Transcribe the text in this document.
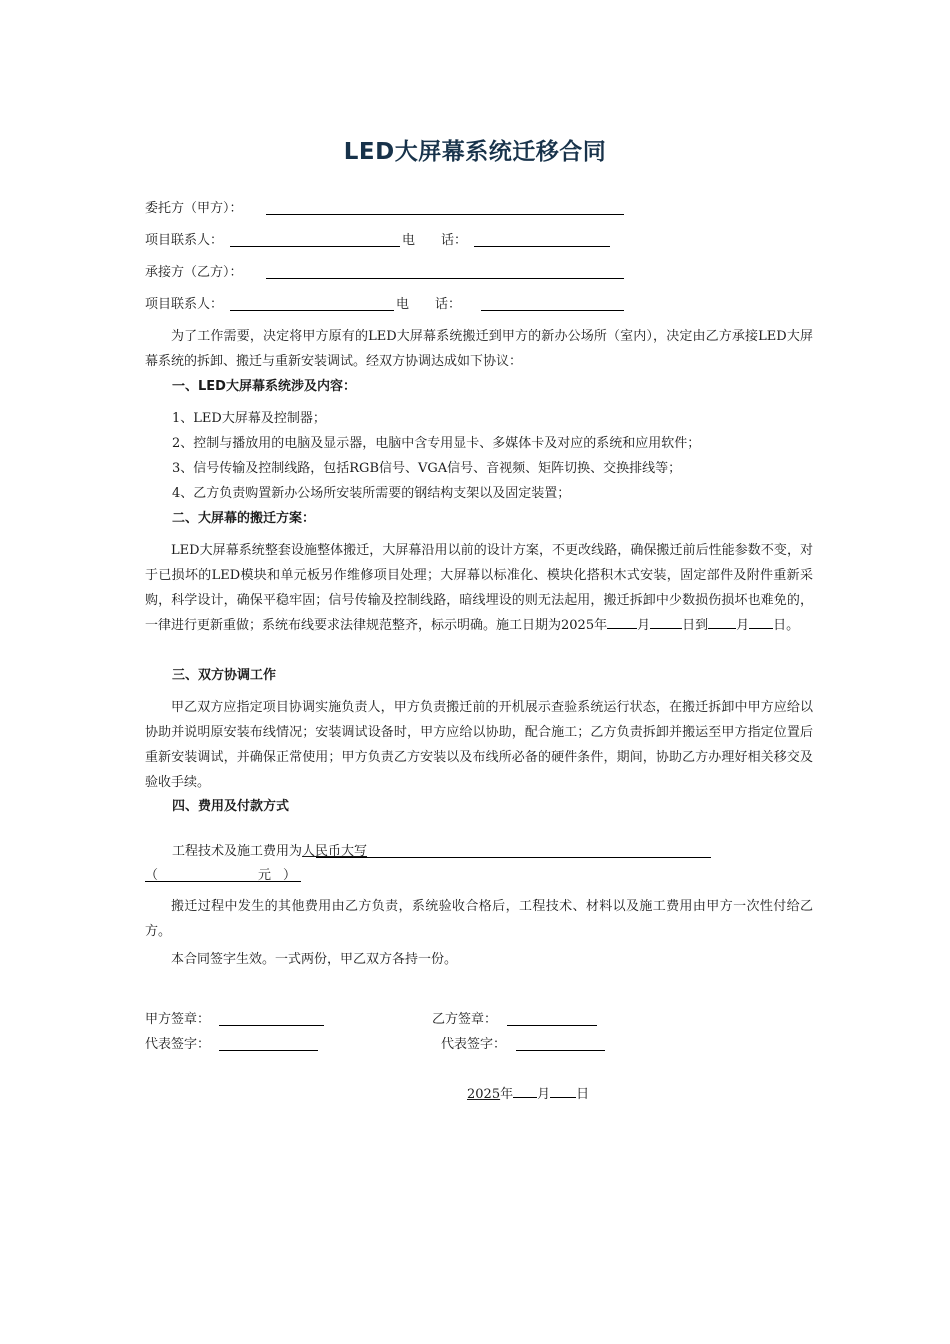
LED大屏幕系统迁移合同
委托方（甲方）：
项目联系人：	电　　话：
承接方（乙方）：
项目联系人：	电　　话：
为了工作需要，决定将甲方原有的LED大屏幕系统搬迁到甲方的新办公场所（室内），决定由乙方承接LED大屏幕系统的拆卸、搬迁与重新安装调试。经双方协调达成如下协议：
一、LED大屏幕系统涉及内容：
1、LED大屏幕及控制器；
2、控制与播放用的电脑及显示器，电脑中含专用显卡、多媒体卡及对应的系统和应用软件；
3、信号传输及控制线路，包括RGB信号、VGA信号、音视频、矩阵切换、交换排线等；
4、乙方负责购置新办公场所安装所需要的钢结构支架以及固定装置；
二、大屏幕的搬迁方案：
LED大屏幕系统整套设施整体搬迁，大屏幕沿用以前的设计方案，不更改线路，确保搬迁前后性能参数不变，对于已损坏的LED模块和单元板另作维修项目处理；大屏幕以标准化、模块化搭积木式安装，固定部件及附件重新采购，科学设计，确保平稳牢固；信号传输及控制线路，暗线埋设的则无法起用，搬迁拆卸中少数损伤损坏也难免的，一律进行更新重做；系统布线要求法律规范整齐，标示明确。施工日期为2025年 月 日到 月 日。
三、双方协调工作
甲乙双方应指定项目协调实施负责人，甲方负责搬迁前的开机展示查验系统运行状态，在搬迁拆卸中甲方应给以协助并说明原安装布线情况；安装调试设备时，甲方应给以协助，配合施工；乙方负责拆卸并搬运至甲方指定位置后重新安装调试，并确保正常使用；甲方负责乙方安装以及布线所必备的硬件条件，期间，协助乙方办理好相关移交及验收手续。
四、费用及付款方式
工程技术及施工费用为人民币大写
（	元 ）
搬迁过程中发生的其他费用由乙方负责，系统验收合格后，工程技术、材料以及施工费用由甲方一次性付给乙方。
本合同签字生效。一式两份，甲乙双方各持一份。
甲方签章：	乙方签章：
代表签字：	代表签字：
2025年 月 日
